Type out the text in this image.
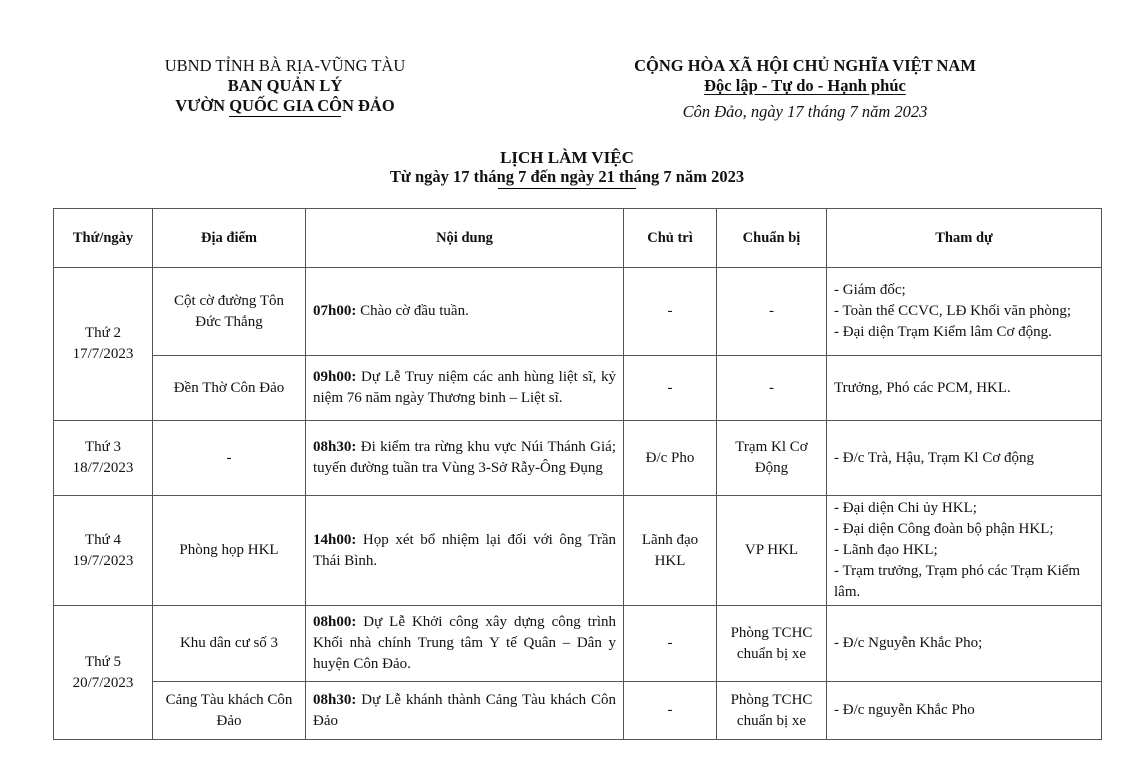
UBND TỈNH BÀ RỊA-VŨNG TÀU
BAN QUẢN LÝ
VƯỜN QUỐC GIA CÔN ĐẢO
CỘNG HÒA XÃ HỘI CHỦ NGHĨA VIỆT NAM
Độc lập - Tự do - Hạnh phúc
Côn Đảo, ngày 17 tháng 7 năm 2023
LỊCH LÀM VIỆC
Từ ngày 17 tháng 7 đến ngày 21 tháng 7 năm 2023
Thứ/ngày	Địa điểm	Nội dung	Chủ trì	Chuẩn bị	Tham dự

Thứ 2
17/7/2023	Cột cờ đường Tôn Đức Thắng	07h00: Chào cờ đầu tuần.	-	-	- Giám đốc;
- Toàn thể CCVC, LĐ Khối văn phòng;
- Đại diện Trạm Kiểm lâm Cơ động.

	Đền Thờ Côn Đảo	09h00: Dự Lễ Truy niệm các anh hùng liệt sĩ, kỷ niệm 76 năm ngày Thương binh – Liệt sĩ.	-	-	Trưởng, Phó các PCM, HKL.

Thứ 3
18/7/2023	-	08h30: Đi kiểm tra rừng khu vực Núi Thánh Giá; tuyến đường tuần tra Vùng 3-Sở Rẫy-Ông Đụng	Đ/c Pho	Trạm Kl Cơ Động	- Đ/c Trà, Hậu, Trạm Kl Cơ động

Thứ 4
19/7/2023	Phòng họp HKL	14h00: Họp xét bổ nhiệm lại đối với ông Trần Thái Bình.	Lãnh đạo HKL	VP HKL	- Đại diện Chi ủy HKL;
- Đại diện Công đoàn bộ phận HKL;
- Lãnh đạo HKL;
- Trạm trưởng, Trạm phó các Trạm Kiểm lâm.

Thứ 5
20/7/2023	Khu dân cư số 3	08h00: Dự Lễ Khởi công xây dựng công trình Khối nhà chính Trung tâm Y tế Quân – Dân y huyện Côn Đảo.	-	Phòng TCHC chuẩn bị xe	- Đ/c Nguyễn Khắc Pho;

	Cảng Tàu khách Côn Đảo	08h30: Dự Lễ khánh thành Cảng Tàu khách Côn Đảo	-	Phòng TCHC chuẩn bị xe	- Đ/c nguyễn Khắc Pho
